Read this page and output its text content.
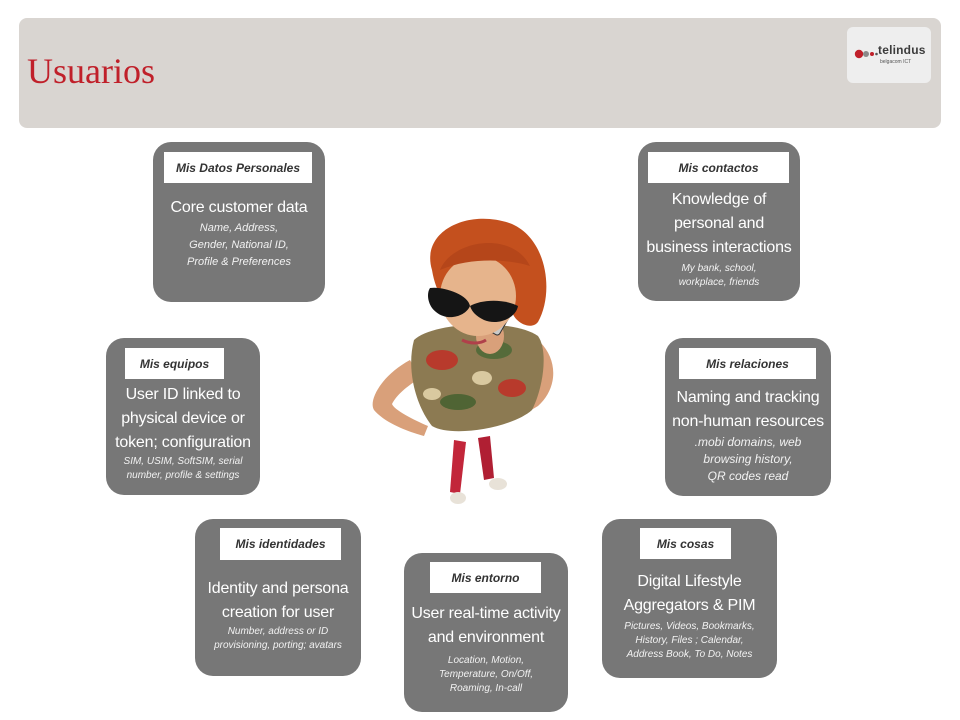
Usuarios
telindus
belgacom ICT
Mis Datos Personales
Core customer data
Name, Address,
Gender, National ID,
Profile & Preferences
Mis contactos
Knowledge of
personal and
business interactions
My bank, school,
workplace, friends
Mis equipos
User ID linked to
physical device or
token; configuration
SIM, USIM, SoftSIM, serial
number, profile & settings
Mis relaciones
Naming and tracking
non-human resources
.mobi domains, web
browsing history,
QR codes read
Mis identidades
Identity and persona
creation for user
Number, address or ID
provisioning, porting; avatars
Mis entorno
User real-time activity
and environment
Location, Motion,
Temperature, On/Off,
Roaming, In-call
Mis cosas
Digital Lifestyle
Aggregators & PIM
Pictures, Videos, Bookmarks,
History, Files ; Calendar,
Address Book, To Do, Notes
